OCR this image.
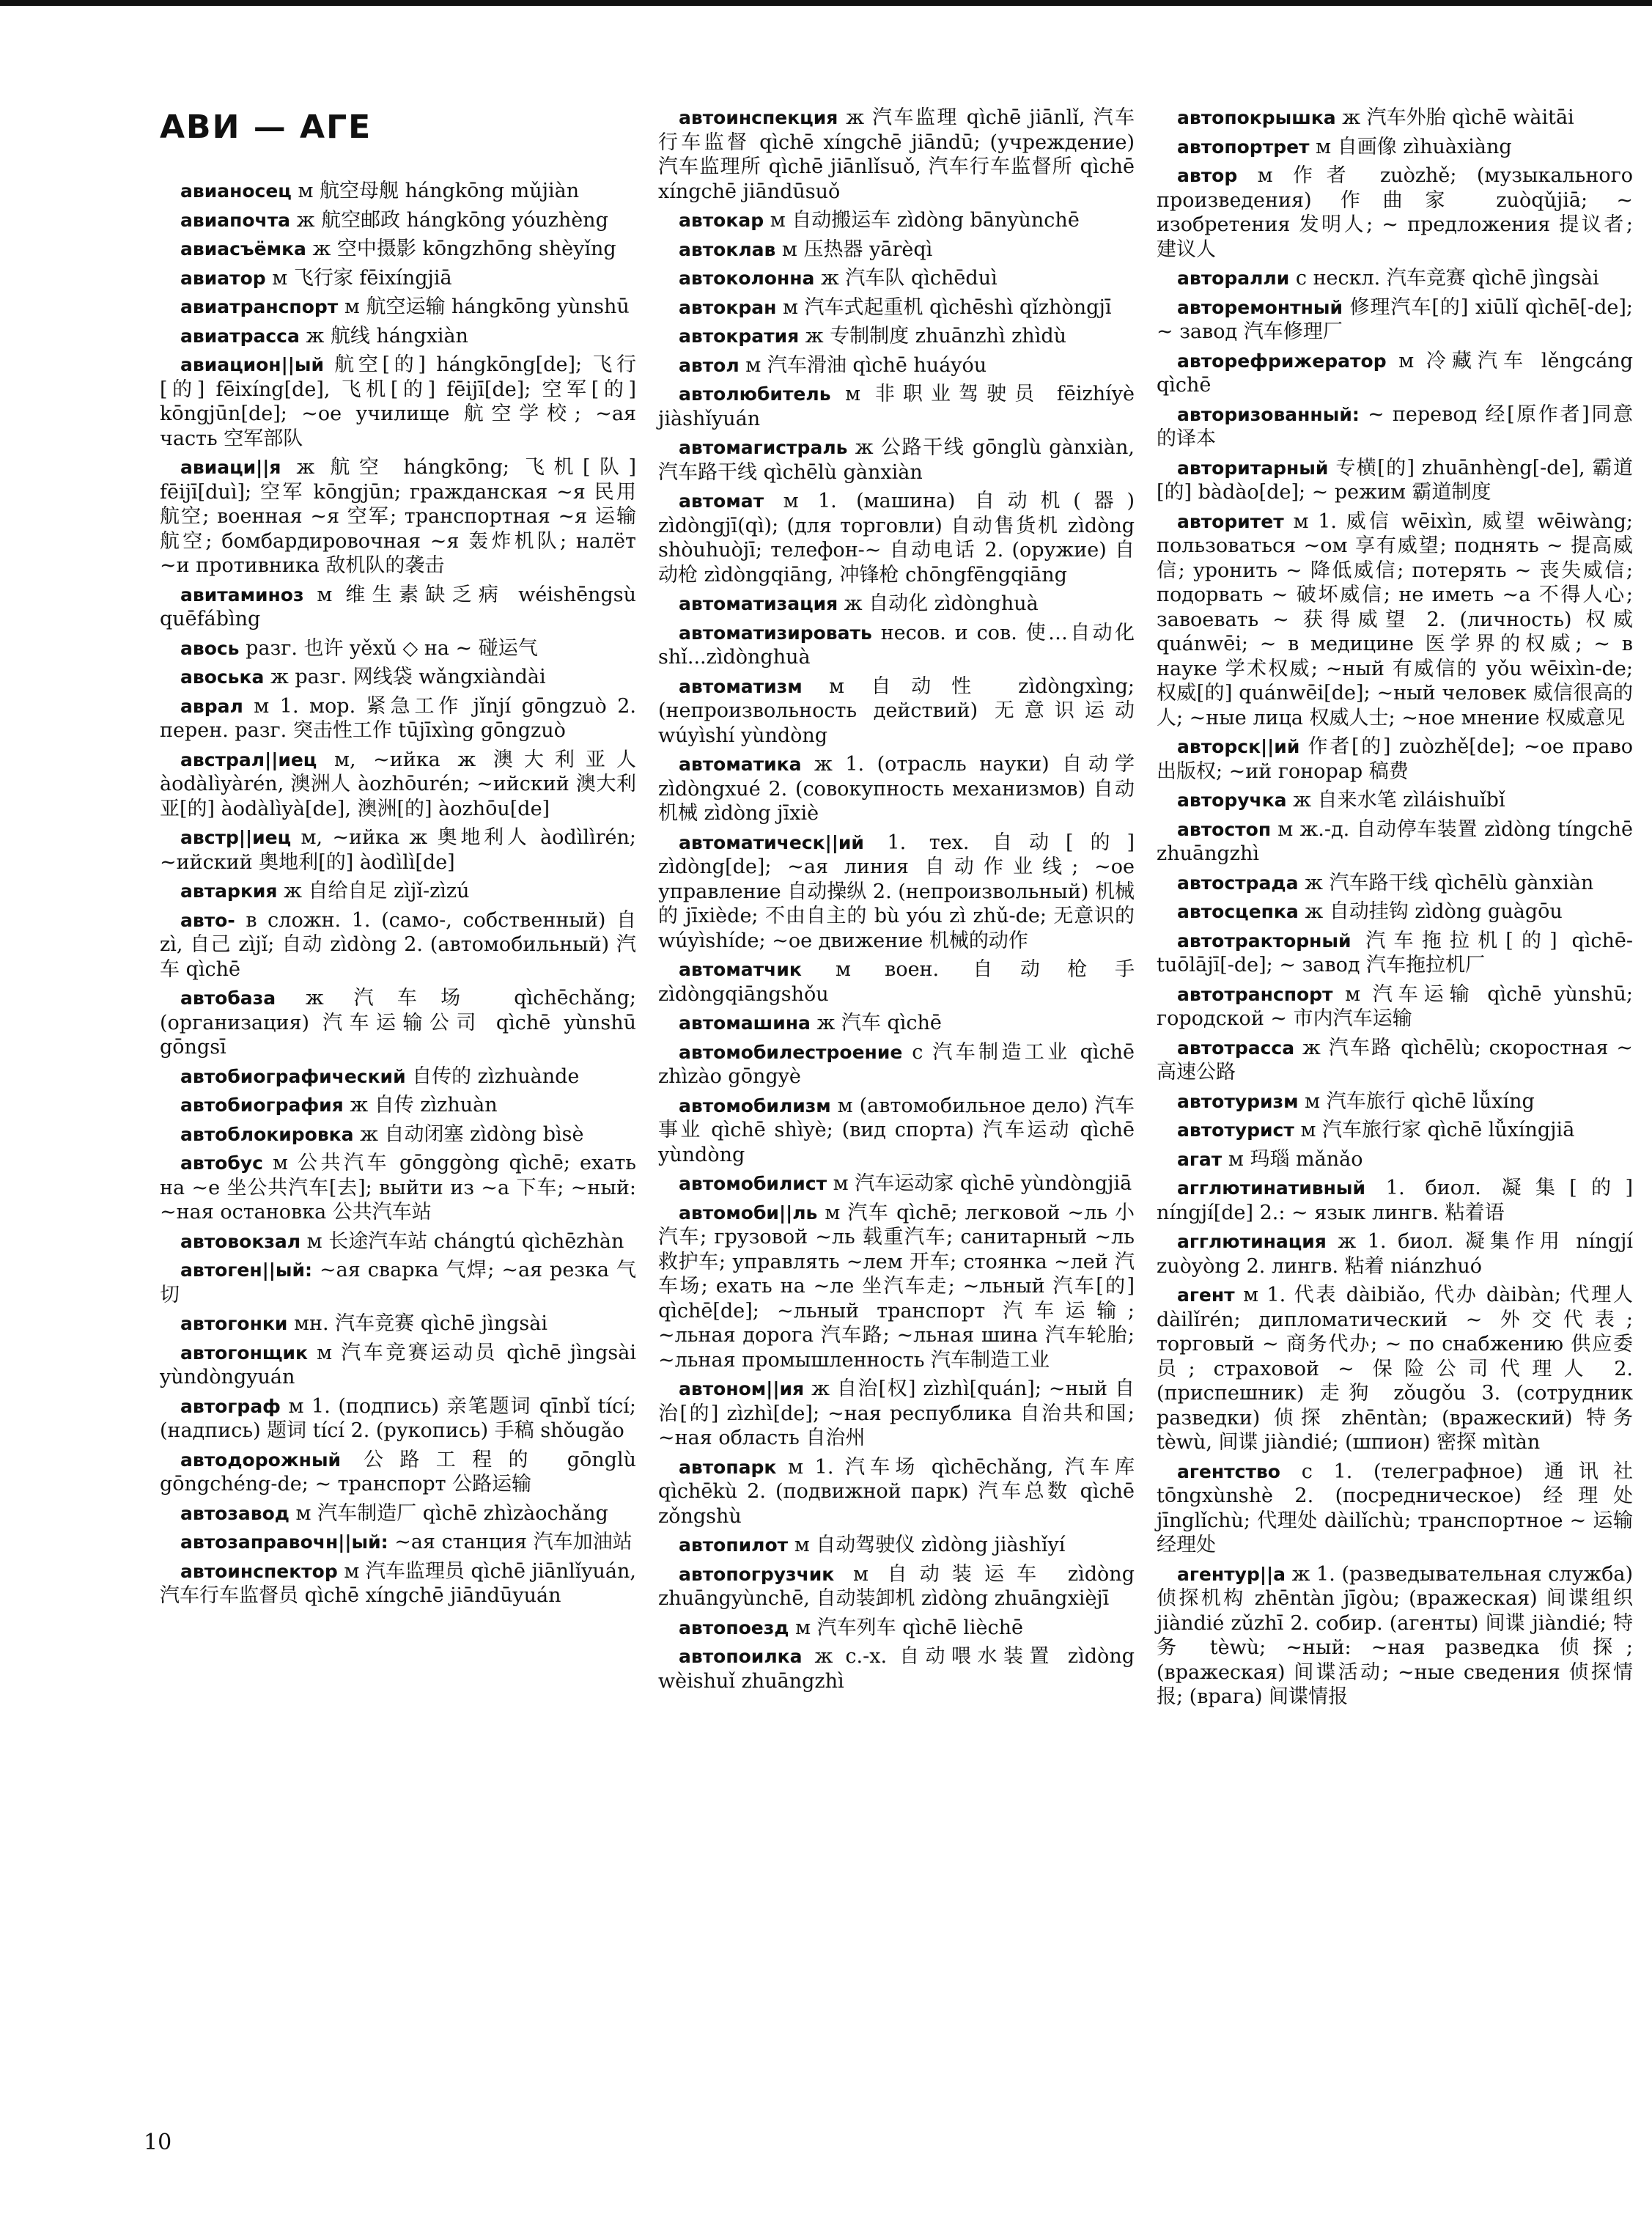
АВИ — АГЕ

авианосец м 航空母舰 hángkōng mǔjiàn

авиапочта ж 航空邮政 hángkōng yóuzhèng

авиасъёмка ж 空中摄影 kōngzhōng shèyǐng

авиатор м 飞行家 fēixíngjiā

авиатранспорт м 航空运输 hángkōng yùnshū

авиатрасса ж 航线 hángxiàn

авиацион||ый 航空[的] hángkōng[de]; 飞行[的] fēixíng[de], 飞机[的] fēijī[de]; 空军[的] kōngjūn[de]; ~ое училище 航空学校; ~ая часть 空军部队

авиаци||я ж 航空 hángkōng; 飞机[队] fēijī[duì]; 空军 kōngjūn; гражданская ~я 民用航空; военная ~я 空军; транспортная ~я 运输航空; бомбардировочная ~я 轰炸机队; налёт ~и противника 敌机队的袭击

авитаминоз м 维生素缺乏病 wéishēngsù quēfábìng

авось разг. 也许 yěxǔ ◇ на ~ 碰运气

авоська ж разг. 网线袋 wǎngxiàndài

аврал м 1. мор. 紧急工作 jǐnjí gōngzuò 2. перен. разг. 突击性工作 tūjīxìng gōngzuò

австрал||иец м, ~ийка ж 澳大利亚人 àodàlìyàrén, 澳洲人 àozhōurén; ~ийский 澳大利亚[的] àodàlìyà[de], 澳洲[的] àozhōu[de]

австр||иец м, ~ийка ж 奥地利人 àodìlìrén; ~ийский 奥地利[的] àodìlì[de]

автаркия ж 自给自足 zìjǐ-zìzú

авто- в сложн. 1. (само-, собственный) 自 zì, 自己 zìjǐ; 自动 zìdòng 2. (автомобильный) 汽车 qìchē

автобаза ж 汽车场 qìchēchǎng; (организация) 汽车运输公司 qìchē yùnshū gōngsī

автобиографический 自传的 zìzhuànde

автобиография ж 自传 zìzhuàn

автоблокировка ж 自动闭塞 zìdòng bìsè

автобус м 公共汽车 gōnggòng qìchē; ехать на ~е 坐公共汽车[去]; выйти из ~а 下车; ~ный: ~ная остановка 公共汽车站

автовокзал м 长途汽车站 chángtú qìchēzhàn

автоген||ый: ~ая сварка 气焊; ~ая резка 气切

автогонки мн. 汽车竞赛 qìchē jìngsài

автогонщик м 汽车竞赛运动员 qìchē jìngsài yùndòngyuán

автограф м 1. (подпись) 亲笔题词 qīnbǐ tící; (надпись) 题词 tící 2. (рукопись) 手稿 shǒugǎo

автодорожный 公路工程的 gōnglù gōngchéng-de; ~ транспорт 公路运输

автозавод м 汽车制造厂 qìchē zhìzàochǎng

автозаправочн||ый: ~ая станция 汽车加油站

автоинспектор м 汽车监理员 qìchē jiānlǐyuán, 汽车行车监督员 qìchē xíngchē jiāndūyuán

автоинспекция ж 汽车监理 qìchē jiānlǐ, 汽车行车监督 qìchē xíngchē jiāndū; (учреждение) 汽车监理所 qìchē jiānlǐsuǒ, 汽车行车监督所 qìchē xíngchē jiāndūsuǒ

автокар м 自动搬运车 zìdòng bānyùnchē

автоклав м 压热器 yārèqì

автоколонна ж 汽车队 qìchēduì

автокран м 汽车式起重机 qìchēshì qǐzhòngjī

автократия ж 专制制度 zhuānzhì zhìdù

автол м 汽车滑油 qìchē huáyóu

автолюбитель м 非职业驾驶员 fēizhíyè jiàshǐyuán

автомагистраль ж 公路干线 gōnglù gànxiàn, 汽车路干线 qìchēlù gànxiàn

автомат м 1. (машина) 自动机(器) zìdòngjī(qì); (для торговли) 自动售货机 zìdòng shòuhuòjī; телефон-~ 自动电话 2. (оружие) 自动枪 zìdòngqiāng, 冲锋枪 chōngfēngqiāng

автоматизация ж 自动化 zìdònghuà

автоматизировать несов. и сов. 使…自动化 shǐ...zìdònghuà

автоматизм м 自动性 zìdòngxìng; (непроизвольность действий) 无意识运动 wúyìshí yùndòng

автоматика ж 1. (отрасль науки) 自动学 zìdòngxué 2. (совокупность механизмов) 自动机械 zìdòng jīxiè

автоматическ||ий 1. тех. 自动[的] zìdòng[de]; ~ая линия 自动作业线; ~ое управление 自动操纵 2. (непроизвольный) 机械的 jīxiède; 不由自主的 bù yóu zì zhǔ-de; 无意识的 wúyìshíde; ~ое движение 机械的动作

автоматчик м воен. 自动枪手 zìdòngqiāngshǒu

автомашина ж 汽车 qìchē

автомобилестроение с 汽车制造工业 qìchē zhìzào gōngyè

автомобилизм м (автомобильное дело) 汽车事业 qìchē shìyè; (вид спорта) 汽车运动 qìchē yùndòng

автомобилист м 汽车运动家 qìchē yùndòngjiā

автомоби||ль м 汽车 qìchē; легковой ~ль 小汽车; грузовой ~ль 载重汽车; санитарный ~ль 救护车; управлять ~лем 开车; стоянка ~лей 汽车场; ехать на ~ле 坐汽车走; ~льный 汽车[的] qìchē[de]; ~льный транспорт 汽车运输; ~льная дорога 汽车路; ~льная шина 汽车轮胎; ~льная промышленность 汽车制造工业

автоном||ия ж 自治[权] zìzhì[quán]; ~ный 自治[的] zìzhì[de]; ~ная республика 自治共和国; ~ная область 自治州

автопарк м 1. 汽车场 qìchēchǎng, 汽车库 qìchēkù 2. (подвижной парк) 汽车总数 qìchē zǒngshù

автопилот м 自动驾驶仪 zìdòng jiàshǐyí

автопогрузчик м 自动装运车 zìdòng zhuāngyùnchē, 自动装卸机 zìdòng zhuāngxièjī

автопоезд м 汽车列车 qìchē lièchē

автопоилка ж с.-х. 自动喂水装置 zìdòng wèishuǐ zhuāngzhì

автопокрышка ж 汽车外胎 qìchē wàitāi

автопортрет м 自画像 zìhuàxiàng

автор м 作者 zuòzhě; (музыкального произведения) 作曲家 zuòqǔjiā; ~ изобретения 发明人; ~ предложения 提议者; 建议人

автоpалли с нескл. 汽车竞赛 qìchē jìngsài

авторемонтный 修理汽车[的] xiūlǐ qìchē[-de]; ~ завод 汽车修理厂

авторефрижератор м 冷藏汽车 lěngcáng qìchē

авторизованный: ~ перевод 经[原作者]同意的译本

авторитарный 专横[的] zhuānhèng[-de], 霸道[的] bàdào[de]; ~ режим 霸道制度

авторитет м 1. 威信 wēixìn, 威望 wēiwàng; пользоваться ~ом 享有威望; поднять ~ 提高威信; уронить ~ 降低威信; потерять ~ 丧失威信; подорвать ~ 破坏威信; не иметь ~а 不得人心; завоевать ~ 获得威望 2. (личность) 权威 quánwēi; ~ в медицине 医学界的权威; ~ в науке 学术权威; ~ный 有威信的 yǒu wēixìn-de; 权威[的] quánwēi[de]; ~ный человек 威信很高的人; ~ные лица 权威人士; ~ное мнение 权威意见

авторск||ий 作者[的] zuòzhě[de]; ~ое право 出版权; ~ий гонорар 稿费

авторучка ж 自来水笔 zìláishuǐbǐ

автостоп м ж.-д. 自动停车装置 zìdòng tíngchē zhuāngzhì

автострада ж 汽车路干线 qìchēlù gànxiàn

автосцепка ж 自动挂钩 zìdòng guàgōu

автотракторный 汽车拖拉机[的] qìchē-tuōlājī[-de]; ~ завод 汽车拖拉机厂

автотранспорт м 汽车运输 qìchē yùnshū; городской ~ 市内汽车运输

автотрасса ж 汽车路 qìchēlù; скоростная ~ 高速公路

автотуризм м 汽车旅行 qìchē lǚxíng

автотурист м 汽车旅行家 qìchē lǚxíngjiā

агат м 玛瑙 mǎnǎo

агглютинативный 1. биол. 凝集[的] níngjí[de] 2.: ~ язык лингв. 粘着语

агглютинация ж 1. биол. 凝集作用 níngjí zuòyòng 2. лингв. 粘着 niánzhuó

агент м 1. 代表 dàibiǎo, 代办 dàibàn; 代理人 dàilǐrén; дипломатический ~ 外交代表; торговый ~ 商务代办; ~ по снабжению 供应委员; страховой ~ 保险公司代理人 2. (приспешник) 走狗 zǒugǒu 3. (сотрудник разведки) 侦探 zhēntàn; (вражеский) 特务 tèwù, 间谍 jiàndié; (шпион) 密探 mìtàn

агентство с 1. (телеграфное) 通讯社 tōngxùnshè 2. (посредническое) 经理处 jīnglǐchù; 代理处 dàilǐchù; транспортное ~ 运输经理处

агентур||а ж 1. (разведывательная служба) 侦探机构 zhēntàn jīgòu; (вражеская) 间谍组织 jiàndié zǔzhī 2. собир. (агенты) 间谍 jiàndié; 特务 tèwù; ~ный: ~ная разведка 侦探; (вражеская) 间谍活动; ~ные сведения 侦探情报; (врага) 间谍情报

10
